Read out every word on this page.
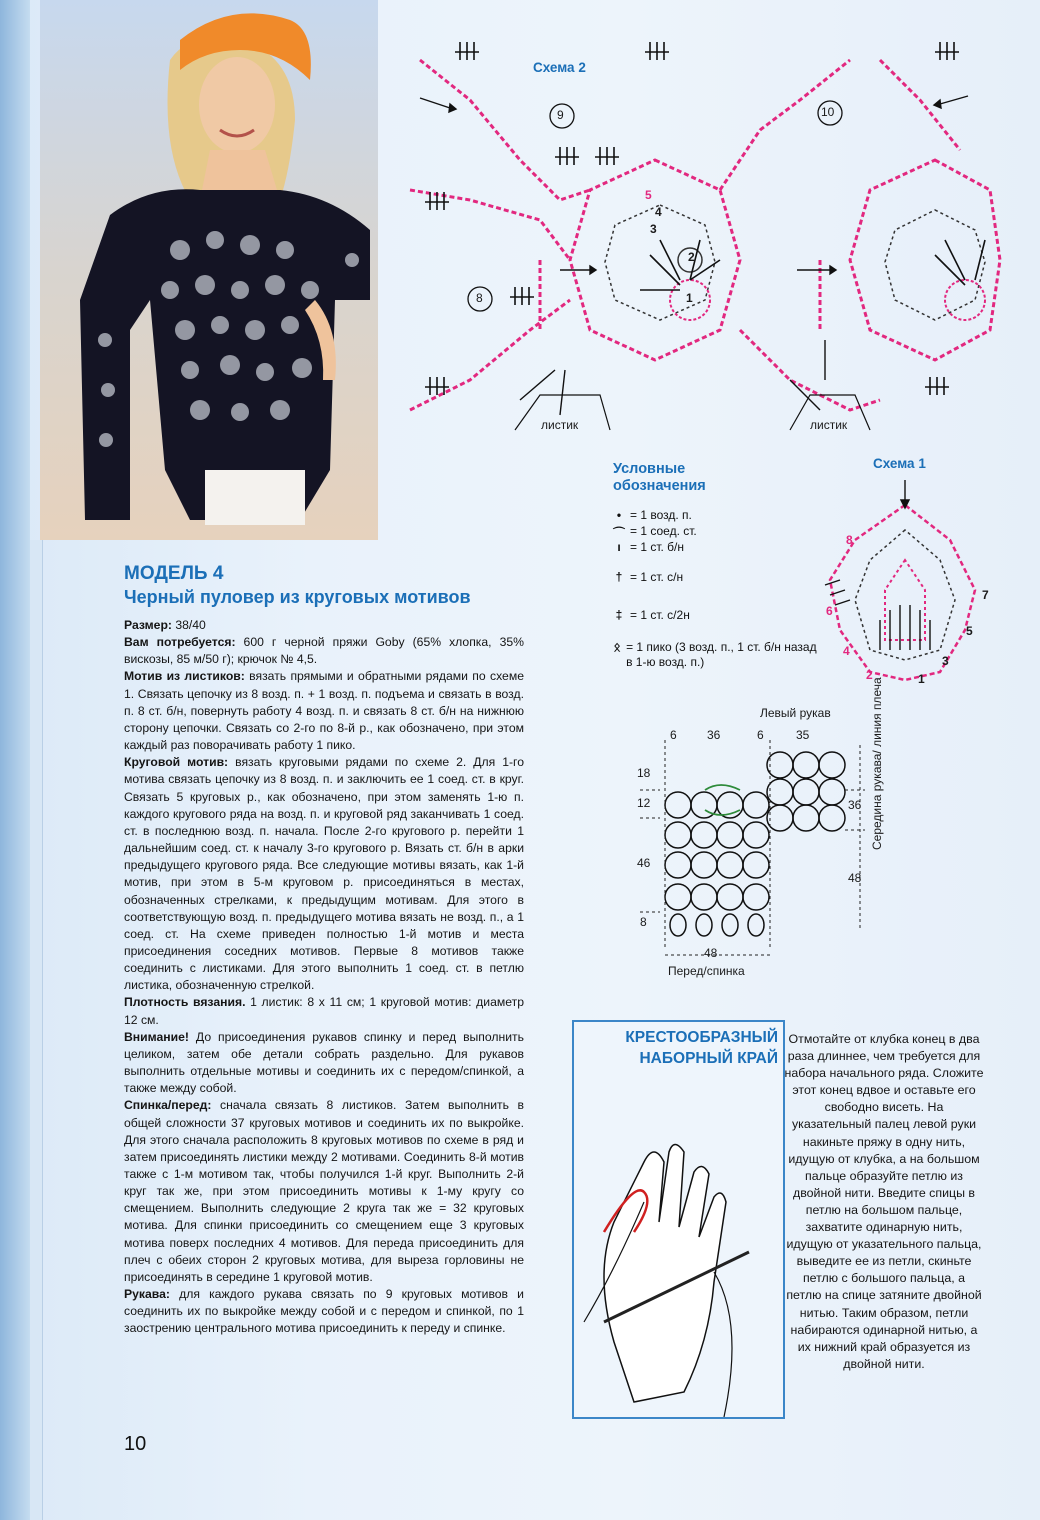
Схема 2
Схема 1
9	10
8
листик	листик
1
2
3
4
5
1
2
3
4
5
6
7
8
Условные
обозначения
• = 1 возд. п.
⌒ = 1 соед. ст.
ı = 1 ст. б/н
† = 1 ст. с/н
‡ = 1 ст. с/2н
ᛟ = 1 пико (3 возд. п., 1 ст. б/н назад в 1-ю возд. п.)
Левый рукав	Середина рукава/ линия плеча
Перед/спинка
6	36	6	35
18
12
46
8
36
48
48
МОДЕЛЬ 4
Черный пуловер из круговых мотивов

Размер: 38/40

Вам потребуется: 600 г черной пряжи Goby (65% хлопка, 35% вискозы, 85 м/50 г); крючок № 4,5.

Мотив из листиков: вязать прямыми и обратными рядами по схеме 1. Связать цепочку из 8 возд. п. + 1 возд. п. подъема и связать в возд. п. 8 ст. б/н, повернуть работу 4 возд. п. и связать 8 ст. б/н на нижнюю сторону цепочки. Связать со 2-го по 8-й р., как обозначено, при этом каждый раз поворачивать работу 1 пико.

Круговой мотив: вязать круговыми рядами по схеме 2. Для 1-го мотива связать цепочку из 8 возд. п. и заключить ее 1 соед. ст. в круг. Связать 5 круговых р., как обозначено, при этом заменять 1-ю п. каждого кругового ряда на возд. п. и круговой ряд заканчивать 1 соед. ст. в последнюю возд. п. начала. После 2-го кругового р. перейти 1 дальнейшим соед. ст. к началу 3-го кругового р. Вязать ст. б/н в арки предыдущего кругового ряда. Все следующие мотивы вязать, как 1-й мотив, при этом в 5-м круговом р. присоединяться в местах, обозначенных стрелками, к предыдущим мотивам. Для этого в соответствующую возд. п. предыдущего мотива вязать не возд. п., а 1 соед. ст. На схеме приведен полностью 1-й мотив и места присоединения соседних мотивов. Первые 8 мотивов также соединить с листиками. Для этого выполнить 1 соед. ст. в петлю листика, обозначенную стрелкой.

Плотность вязания. 1 листик: 8 х 11 см; 1 круговой мотив: диаметр 12 см.

Внимание! До присоединения рукавов спинку и перед выполнить целиком, затем обе детали собрать раздельно. Для рукавов выполнить отдельные мотивы и соединить их с передом/спинкой, а также между собой.

Спинка/перед: сначала связать 8 листиков. Затем выполнить в общей сложности 37 круговых мотивов и соединить их по выкройке. Для этого сначала расположить 8 круговых мотивов по схеме в ряд и затем присоединять листики между 2 мотивами. Соединить 8-й мотив также с 1-м мотивом так, чтобы получился 1-й круг. Выполнить 2-й круг так же, при этом присоединить мотивы к 1-му кругу со смещением. Выполнить следующие 2 круга так же = 32 круговых мотива. Для спинки присоединить со смещением еще 3 круговых мотива поверх последних 4 мотивов. Для переда присоединить для плеч с обеих сторон 2 круговых мотива, для выреза горловины не присоединять в середине 1 круговой мотив.

Рукава: для каждого рукава связать по 9 круговых мотивов и соединить их по выкройке между собой и с передом и спинкой, по 1 заострению центрального мотива присоединить к переду и спинке.

10
КРЕСТООБРАЗНЫЙ
НАБОРНЫЙ КРАЙ
Отмотайте от клубка конец в два раза длиннее, чем требуется для набора начального ряда. Сложите этот конец вдвое и оставьте его свободно висеть. На указательный палец левой руки накиньте пряжу в одну нить, идущую от клубка, а на большом пальце образуйте петлю из двойной нити. Введите спицы в петлю на большом пальце, захватите одинарную нить, идущую от указательного пальца, выведите ее из петли, скиньте петлю с большого пальца, а петлю на спице затяните двойной нитью. Таким образом, петли набираются одинарной нитью, а их нижний край образуется из двойной нити.
